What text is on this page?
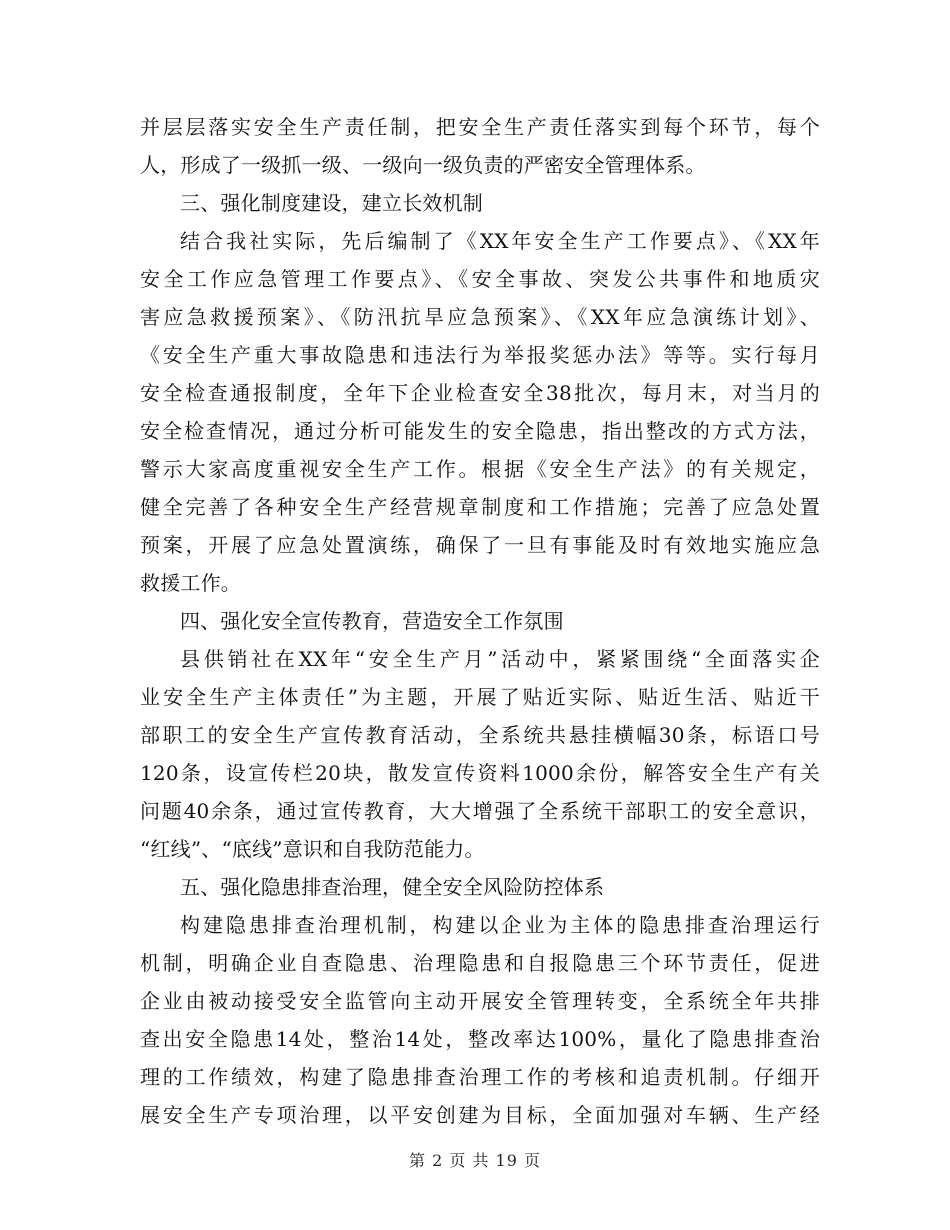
并层层落实安全生产责任制，把安全生产责任落实到每个环节，每个
人，形成了一级抓一级、一级向一级负责的严密安全管理体系。
三、强化制度建设，建立长效机制
结合我社实际，先后编制了《XX年安全生产工作要点》、《XX年
安全工作应急管理工作要点》、《安全事故、突发公共事件和地质灾
害应急救援预案》、《防汛抗旱应急预案》、《XX年应急演练计划》、
《安全生产重大事故隐患和违法行为举报奖惩办法》等等。实行每月
安全检查通报制度，全年下企业检查安全38批次，每月末，对当月的
安全检查情况，通过分析可能发生的安全隐患，指出整改的方式方法，
警示大家高度重视安全生产工作。根据《安全生产法》的有关规定，
健全完善了各种安全生产经营规章制度和工作措施；完善了应急处置
预案，开展了应急处置演练，确保了一旦有事能及时有效地实施应急
救援工作。
四、强化安全宣传教育，营造安全工作氛围
县供销社在XX年“安全生产月”活动中，紧紧围绕“全面落实企
业安全生产主体责任”为主题，开展了贴近实际、贴近生活、贴近干
部职工的安全生产宣传教育活动，全系统共悬挂横幅30条，标语口号
120条，设宣传栏20块，散发宣传资料1000余份，解答安全生产有关
问题40余条，通过宣传教育，大大增强了全系统干部职工的安全意识，
“红线”、“底线”意识和自我防范能力。
五、强化隐患排查治理，健全安全风险防控体系
构建隐患排查治理机制，构建以企业为主体的隐患排查治理运行
机制，明确企业自查隐患、治理隐患和自报隐患三个环节责任，促进
企业由被动接受安全监管向主动开展安全管理转变，全系统全年共排
查出安全隐患14处，整治14处，整改率达100%，量化了隐患排查治
理的工作绩效，构建了隐患排查治理工作的考核和追责机制。仔细开
展安全生产专项治理，以平安创建为目标，全面加强对车辆、生产经
第 2 页 共 19 页
